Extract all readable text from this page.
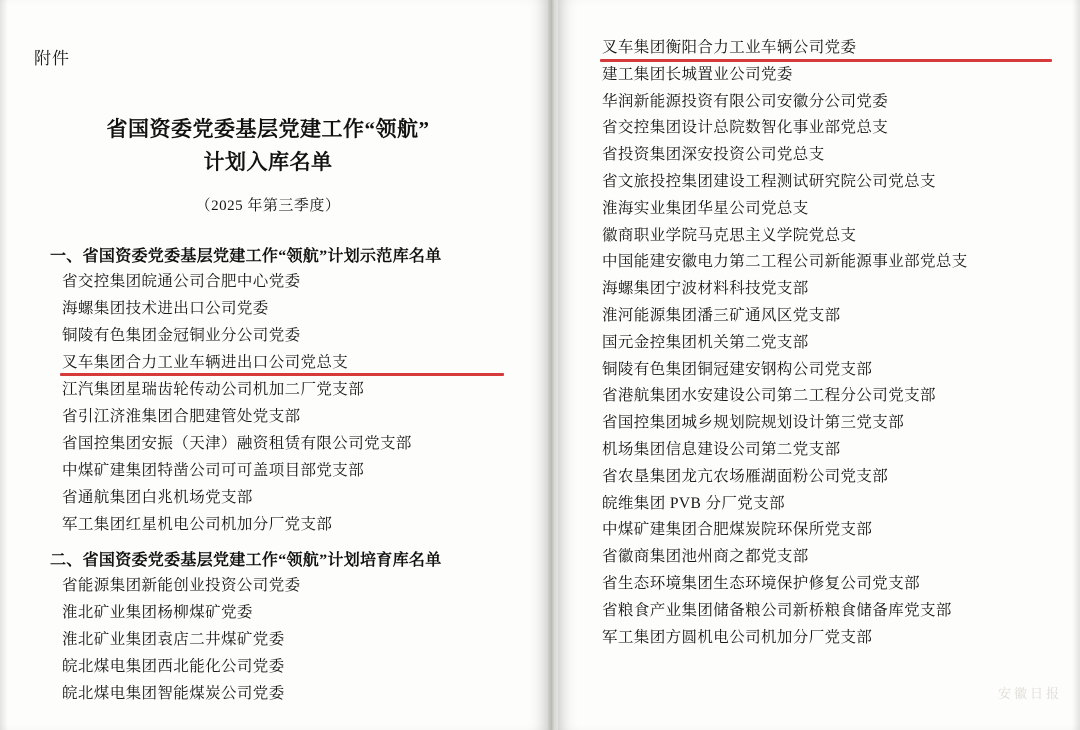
附件
省国资委党委基层党建工作“领航”
计划入库名单
（2025 年第三季度）
一、省国资委党委基层党建工作“领航”计划示范库名单
省交控集团皖通公司合肥中心党委
海螺集团技术进出口公司党委
铜陵有色集团金冠铜业分公司党委
叉车集团合力工业车辆进出口公司党总支
江汽集团星瑞齿轮传动公司机加二厂党支部
省引江济淮集团合肥建管处党支部
省国控集团安振（天津）融资租赁有限公司党支部
中煤矿建集团特凿公司可可盖项目部党支部
省通航集团白兆机场党支部
军工集团红星机电公司机加分厂党支部
二、省国资委党委基层党建工作“领航”计划培育库名单
省能源集团新能创业投资公司党委
淮北矿业集团杨柳煤矿党委
淮北矿业集团袁店二井煤矿党委
皖北煤电集团西北能化公司党委
皖北煤电集团智能煤炭公司党委
叉车集团衡阳合力工业车辆公司党委
建工集团长城置业公司党委
华润新能源投资有限公司安徽分公司党委
省交控集团设计总院数智化事业部党总支
省投资集团深安投资公司党总支
省文旅投控集团建设工程测试研究院公司党总支
淮海实业集团华星公司党总支
徽商职业学院马克思主义学院党总支
中国能建安徽电力第二工程公司新能源事业部党总支
海螺集团宁波材料科技党支部
淮河能源集团潘三矿通风区党支部
国元金控集团机关第二党支部
铜陵有色集团铜冠建安钢构公司党支部
省港航集团水安建设公司第二工程分公司党支部
省国控集团城乡规划院规划设计第三党支部
机场集团信息建设公司第二党支部
省农垦集团龙亢农场雁湖面粉公司党支部
皖维集团 PVB 分厂党支部
中煤矿建集团合肥煤炭院环保所党支部
省徽商集团池州商之都党支部
省生态环境集团生态环境保护修复公司党支部
省粮食产业集团储备粮公司新桥粮食储备库党支部
军工集团方圆机电公司机加分厂党支部
安徽日报
